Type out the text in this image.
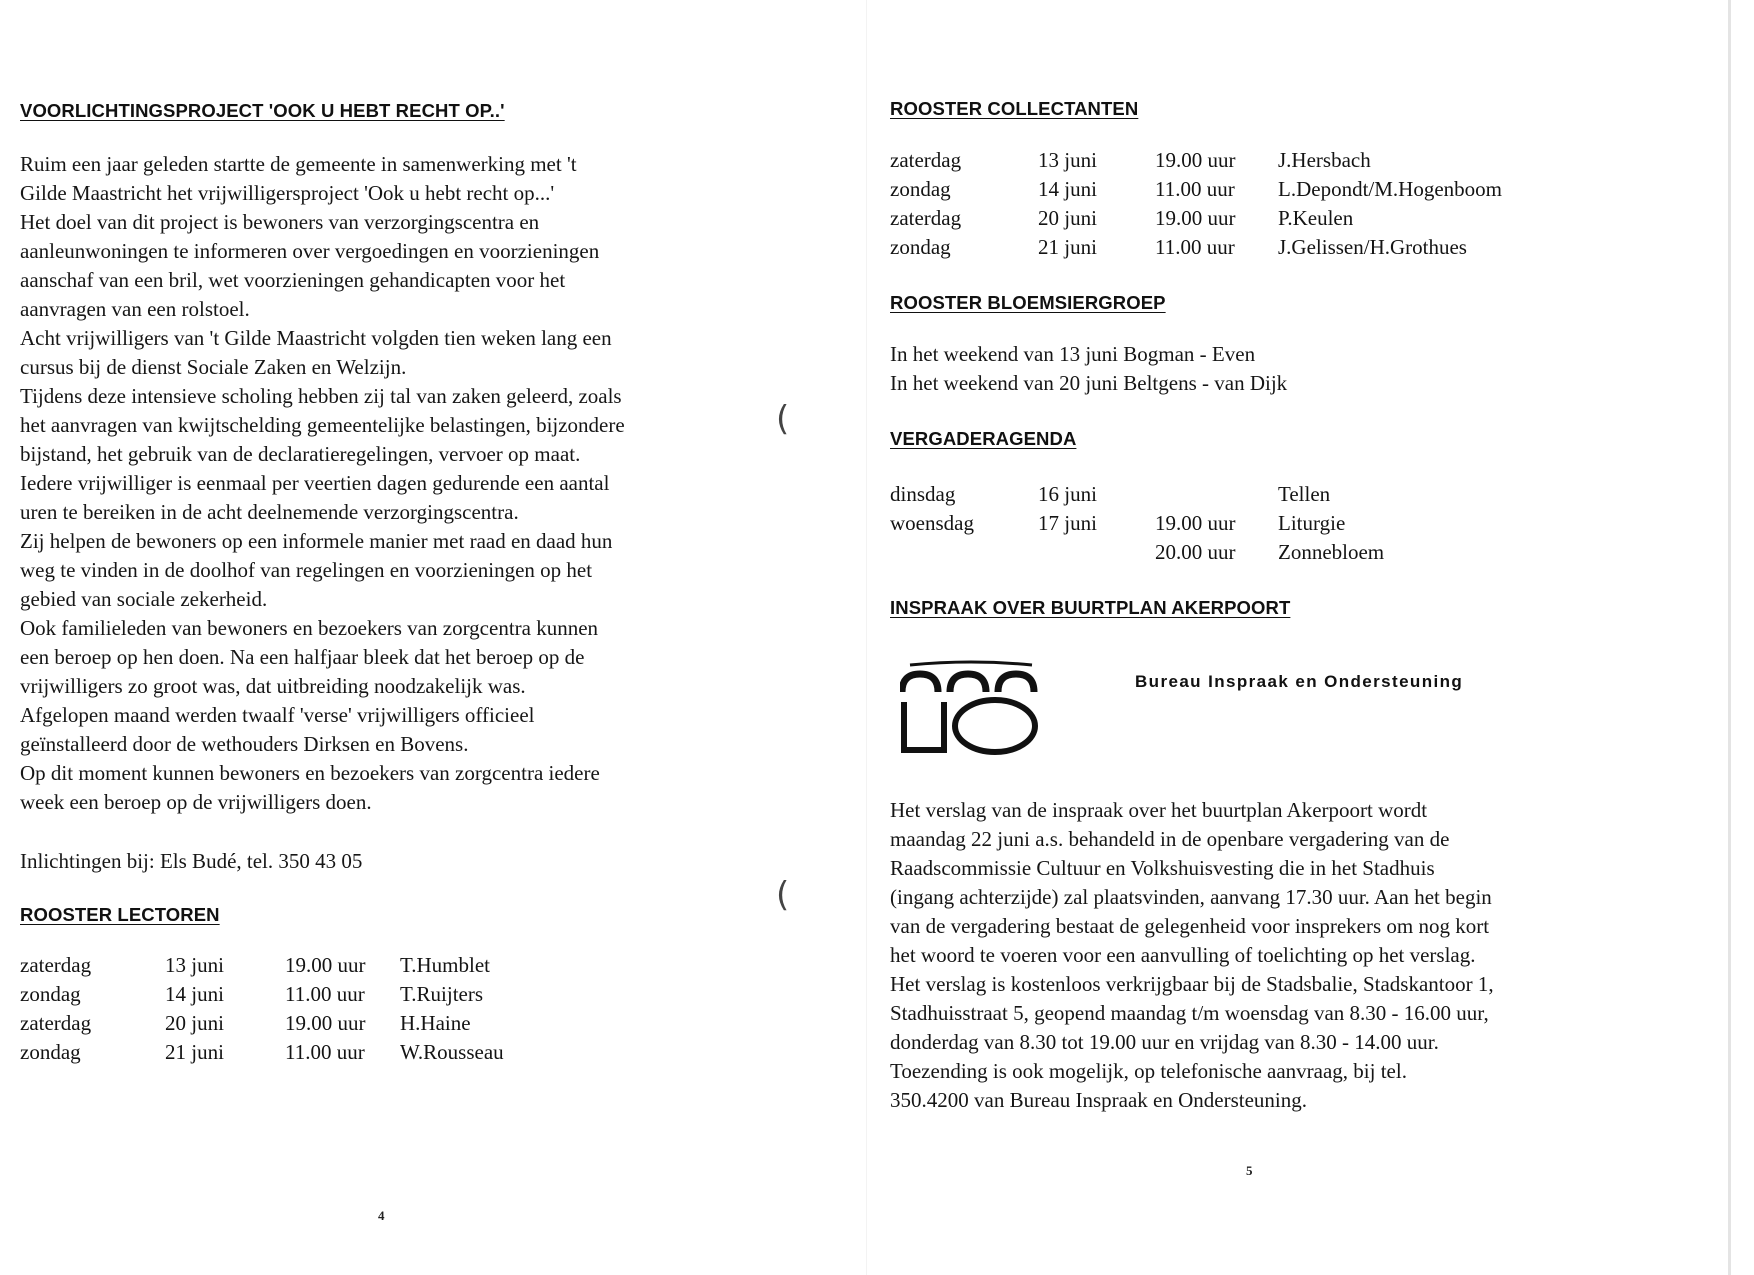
VOORLICHTINGSPROJECT 'OOK U HEBT RECHT OP..'
Ruim een jaar geleden startte de gemeente in samenwerking met 't
Gilde Maastricht het vrijwilligersproject 'Ook u hebt recht op...'
Het doel van dit project is bewoners van verzorgingscentra en
aanleunwoningen te informeren over vergoedingen en voorzieningen
aanschaf van een bril, wet voorzieningen gehandicapten voor het
aanvragen van een rolstoel.
Acht vrijwilligers van 't Gilde Maastricht volgden tien weken lang een
cursus bij de dienst Sociale Zaken en Welzijn.
Tijdens deze intensieve scholing hebben zij tal van zaken geleerd, zoals
het aanvragen van kwijtschelding gemeentelijke belastingen, bijzondere
bijstand, het gebruik van de declaratieregelingen, vervoer op maat.
Iedere vrijwilliger is eenmaal per veertien dagen gedurende een aantal
uren te bereiken in de acht deelnemende verzorgingscentra.
Zij helpen de bewoners op een informele manier met raad en daad hun
weg te vinden in de doolhof van regelingen en voorzieningen op het
gebied van sociale zekerheid.
Ook familieleden van bewoners en bezoekers van zorgcentra kunnen
een beroep op hen doen. Na een halfjaar bleek dat het beroep op de
vrijwilligers zo groot was, dat uitbreiding noodzakelijk was.
Afgelopen maand werden twaalf 'verse' vrijwilligers officieel
geïnstalleerd door de wethouders Dirksen en Bovens.
Op dit moment kunnen bewoners en bezoekers van zorgcentra iedere
week een beroep op de vrijwilligers doen.
Inlichtingen bij: Els Budé, tel. 350 43 05
ROOSTER LECTOREN
zaterdag	13 juni	19.00 uur	T.Humblet
zondag	14 juni	11.00 uur	T.Ruijters
zaterdag	20 juni	19.00 uur	H.Haine
zondag	21 juni	11.00 uur	W.Rousseau
4
(
(
ROOSTER COLLECTANTEN
zaterdag	13 juni	19.00 uur	J.Hersbach
zondag	14 juni	11.00 uur	L.Depondt/M.Hogenboom
zaterdag	20 juni	19.00 uur	P.Keulen
zondag	21 juni	11.00 uur	J.Gelissen/H.Grothues
ROOSTER BLOEMSIERGROEP
In het weekend van 13 juni Bogman - Even
In het weekend van 20 juni Beltgens - van Dijk
VERGADERAGENDA
dinsdag	16 juni		Tellen
woensdag	17 juni	19.00 uur	Liturgie
		20.00 uur	Zonnebloem
INSPRAAK OVER BUURTPLAN AKERPOORT
Bureau Inspraak en Ondersteuning
Het verslag van de inspraak over het buurtplan Akerpoort wordt
maandag 22 juni a.s. behandeld in de openbare vergadering van de
Raadscommissie Cultuur en Volkshuisvesting die in het Stadhuis
(ingang achterzijde) zal plaatsvinden, aanvang 17.30 uur. Aan het begin
van de vergadering bestaat de gelegenheid voor insprekers om nog kort
het woord te voeren voor een aanvulling of toelichting op het verslag.
Het verslag is kostenloos verkrijgbaar bij de Stadsbalie, Stadskantoor 1,
Stadhuisstraat 5, geopend maandag t/m woensdag van 8.30 - 16.00 uur,
donderdag van 8.30 tot 19.00 uur en vrijdag van 8.30 - 14.00 uur.
Toezending is ook mogelijk, op telefonische aanvraag, bij tel.
350.4200 van Bureau Inspraak en Ondersteuning.
5
